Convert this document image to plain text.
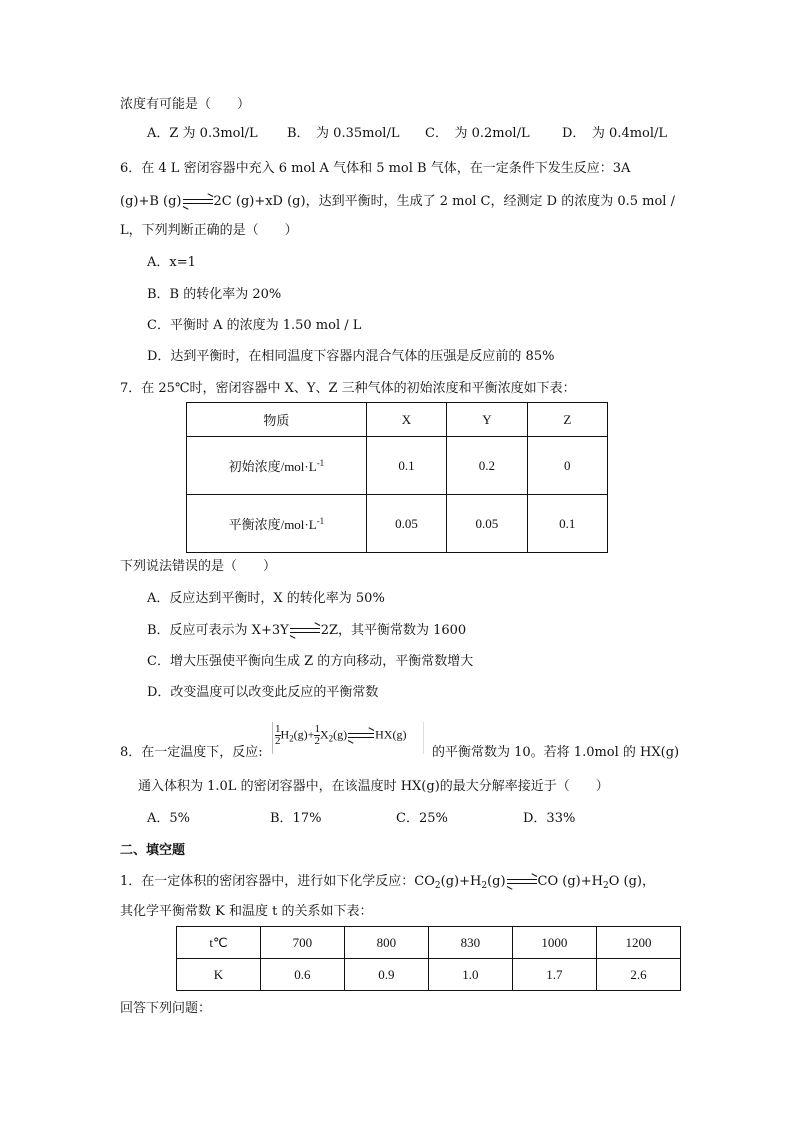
浓度有可能是（　　）
A．Z 为 0.3mol/L B．　为 0.35mol/L C．　为 0.2mol/L D．　为 0.4mol/L
6．在 4 L 密闭容器中充入 6 mol A 气体和 5 mol B 气体，在一定条件下发生反应：3A
(g)+B (g) 2C (g)+xD (g)，达到平衡时，生成了 2 mol C，经测定 D 的浓度为 0.5 mol /
L，下列判断正确的是（　　）
A．x=1
B．B 的转化率为 20%
C．平衡时 A 的浓度为 1.50 mol / L
D．达到平衡时，在相同温度下容器内混合气体的压强是反应前的 85%
7．在 25℃时，密闭容器中 X、Y、Z 三种气体的初始浓度和平衡浓度如下表：
物质	X	Y	Z
初始浓度$/mol\cdot L^{-1}$	0.1	0.2	0
平衡浓度$/mol\cdot L^{-1}$	0.05	0.05	0.1
下列说法错误的是（　　）
A．反应达到平衡时，X 的转化率为 50%
B．反应可表示为 X+3Y 2Z，其平衡常数为 1600
C．增大压强使平衡向生成 Z 的方向移动，平衡常数增大
D．改变温度可以改变此反应的平衡常数
8．在一定温度下，反应:
$\frac{1}{2} H_2(g)+ \frac{1}{2} X_2(g)$ HX(g)
的平衡常数为 10。若将 1.0mol 的 HX(g)
通入体积为 1.0L 的密闭容器中，在该温度时 HX(g)的最大分解率接近于（　　）
A．5%	B．17%	C．25%	D．33%
二、填空题
1．在一定体积的密闭容器中，进行如下化学反应：$CO_2(g)+H_2(g)$ CO $(g)+H_2O$ (g)，
其化学平衡常数 K 和温度 t 的关系如下表：
t℃	700	800	830	1000	1200
K	0.6	0.9	1.0	1.7	2.6
回答下列问题：
